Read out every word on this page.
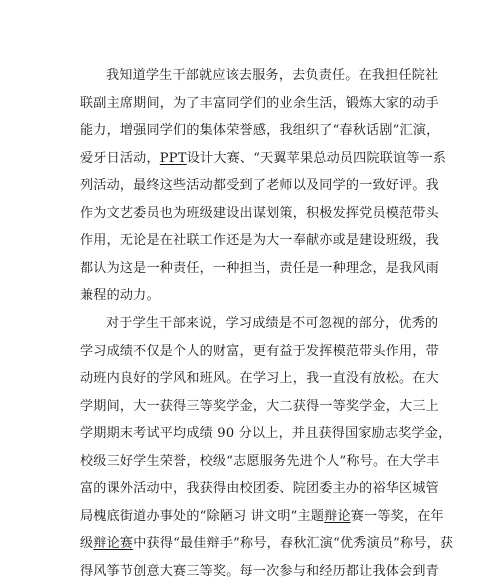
我知道学生干部就应该去服务，去负责任。在我担任院社
联副主席期间，为了丰富同学们的业余生活，锻炼大家的动手
能力，增强同学们的集体荣誉感，我组织了“春秋话剧”汇演，
爱牙日活动，PPT设计大赛、“天翼苹果总动员四院联谊等一系
列活动，最终这些活动都受到了老师以及同学的一致好评。我
作为文艺委员也为班级建设出谋划策，积极发挥党员模范带头
作用，无论是在社联工作还是为大一奉献亦或是建设班级，我
都认为这是一种责任，一种担当，责任是一种理念，是我风雨
兼程的动力。
对于学生干部来说，学习成绩是不可忽视的部分，优秀的
学习成绩不仅是个人的财富，更有益于发挥模范带头作用，带
动班内良好的学风和班风。在学习上，我一直没有放松。在大
学期间，大一获得三等奖学金，大二获得一等奖学金，大三上
学期期末考试平均成绩 90 分以上，并且获得国家励志奖学金，
校级三好学生荣誉，校级“志愿服务先进个人”称号。在大学丰
富的课外活动中，我获得由校团委、院团委主办的裕华区城管
局槐底街道办事处的“除陋习 讲文明”主题辩论赛一等奖，在年
级辩论赛中获得“最佳辩手”称号，春秋汇演“优秀演员”称号，获
得风筝节创意大赛三等奖。每一次参与和经历都让我体会到青
